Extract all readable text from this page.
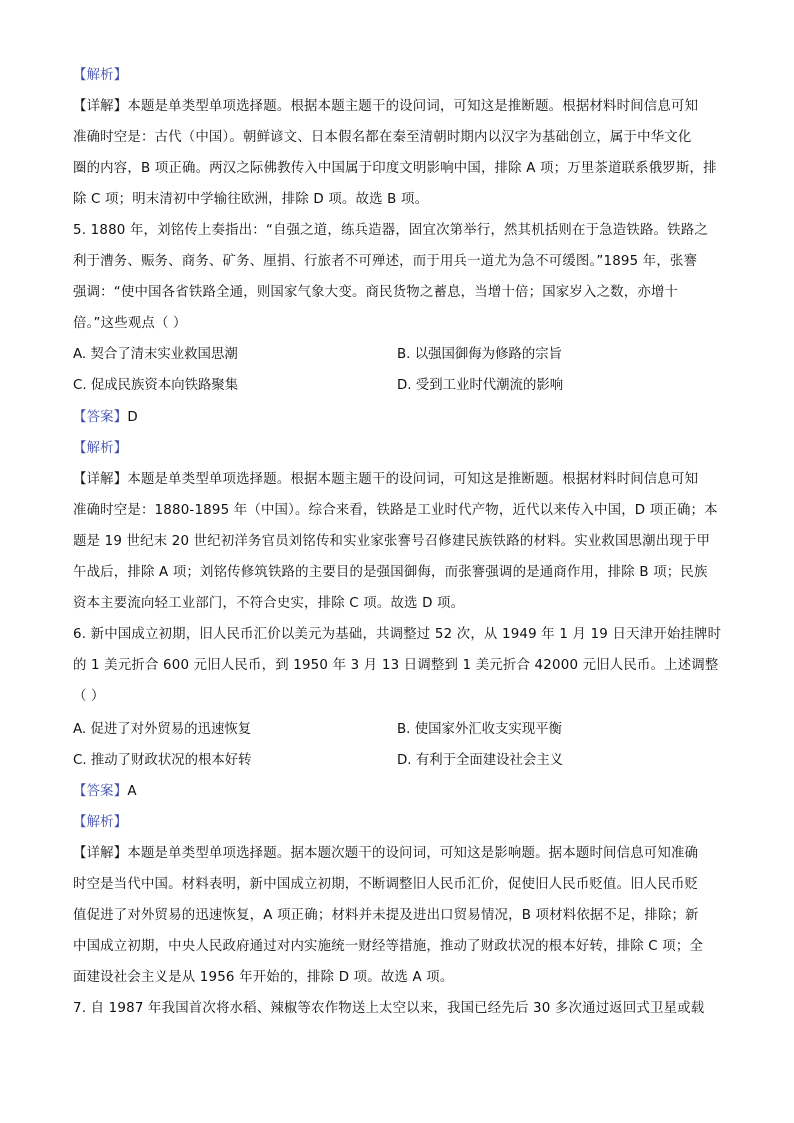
【解析】
【详解】本题是单类型单项选择题。根据本题主题干的设问词，可知这是推断题。根据材料时间信息可知
准确时空是：古代（中国）。朝鲜谚文、日本假名都在秦至清朝时期内以汉字为基础创立，属于中华文化
圈的内容，B 项正确。两汉之际佛教传入中国属于印度文明影响中国，排除 A 项；万里茶道联系俄罗斯，排
除 C 项；明末清初中学输往欧洲，排除 D 项。故选 B 项。
5. 1880 年，刘铭传上奏指出：“自强之道，练兵造器，固宜次第举行，然其机括则在于急造铁路。铁路之
利于漕务、赈务、商务、矿务、厘捐、行旅者不可殚述，而于用兵一道尤为急不可缓图。”1895 年，张謇
强调：“使中国各省铁路全通，则国家气象大变。商民货物之蓄息，当增十倍；国家岁入之数，亦增十
倍。”这些观点（ ）
A. 契合了清末实业救国思潮	B. 以强国御侮为修路的宗旨
C. 促成民族资本向铁路聚集	D. 受到工业时代潮流的影响
【答案】D
【解析】
【详解】本题是单类型单项选择题。根据本题主题干的设问词，可知这是推断题。根据材料时间信息可知
准确时空是：1880-1895 年（中国）。综合来看，铁路是工业时代产物，近代以来传入中国，D 项正确；本
题是 19 世纪末 20 世纪初洋务官员刘铭传和实业家张謇号召修建民族铁路的材料。实业救国思潮出现于甲
午战后，排除 A 项；刘铭传修筑铁路的主要目的是强国御侮，而张謇强调的是通商作用，排除 B 项；民族
资本主要流向轻工业部门，不符合史实，排除 C 项。故选 D 项。
6. 新中国成立初期，旧人民币汇价以美元为基础，共调整过 52 次，从 1949 年 1 月 19 日天津开始挂牌时
的 1 美元折合 600 元旧人民币，到 1950 年 3 月 13 日调整到 1 美元折合 42000 元旧人民币。上述调整
（ ）
A. 促进了对外贸易的迅速恢复	B. 使国家外汇收支实现平衡
C. 推动了财政状况的根本好转	D. 有利于全面建设社会主义
【答案】A
【解析】
【详解】本题是单类型单项选择题。据本题次题干的设问词，可知这是影响题。据本题时间信息可知准确
时空是当代中国。材料表明，新中国成立初期，不断调整旧人民币汇价，促使旧人民币贬值。旧人民币贬
值促进了对外贸易的迅速恢复，A 项正确；材料并未提及进出口贸易情况，B 项材料依据不足，排除；新
中国成立初期，中央人民政府通过对内实施统一财经等措施，推动了财政状况的根本好转，排除 C 项；全
面建设社会主义是从 1956 年开始的，排除 D 项。故选 A 项。
7. 自 1987 年我国首次将水稻、辣椒等农作物送上太空以来，我国已经先后 30 多次通过返回式卫星或载
